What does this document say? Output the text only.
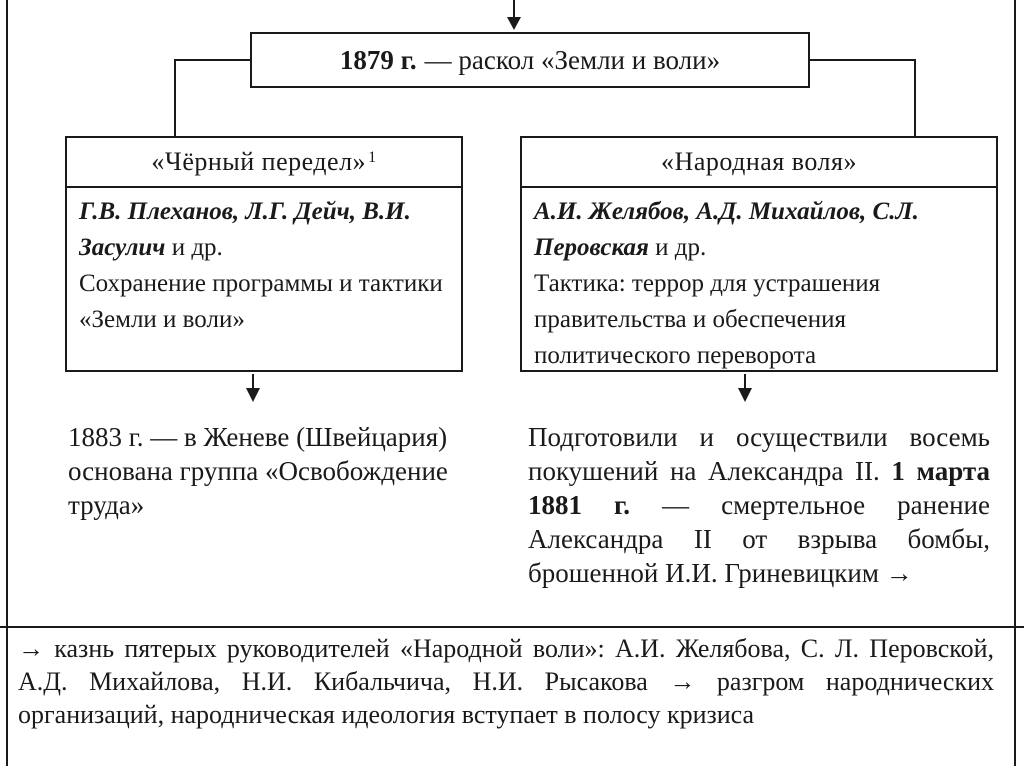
1879 г. — раскол «Земли и воли»
«Чёрный передел»$^1$

Г.В. Плеханов, Л.Г. Дейч, В.И. Засулич и др.

Сохранение программы и тактики «Земли и воли»

«Народная воля»

А.И. Желябов, А.Д. Михайлов, С.Л. Перовская и др.

Тактика: террор для устрашения правительства и обеспечения политического переворота

1883 г. — в Женеве (Швейцария) основана группа «Освобождение труда»

Подготовили и осуществили восемь покушений на Александра II. 1 марта 1881 г. — смертельное ранение Александра II от взрыва бомбы, брошенной И.И. Гриневицким →

→ казнь пятерых руководителей «Народной воли»: А.И. Желябова, С. Л. Перовской, А.Д. Михайлова, Н.И. Кибальчича, Н.И. Рысакова → разгром народнических организаций, народническая идеология вступает в полосу кризиса
